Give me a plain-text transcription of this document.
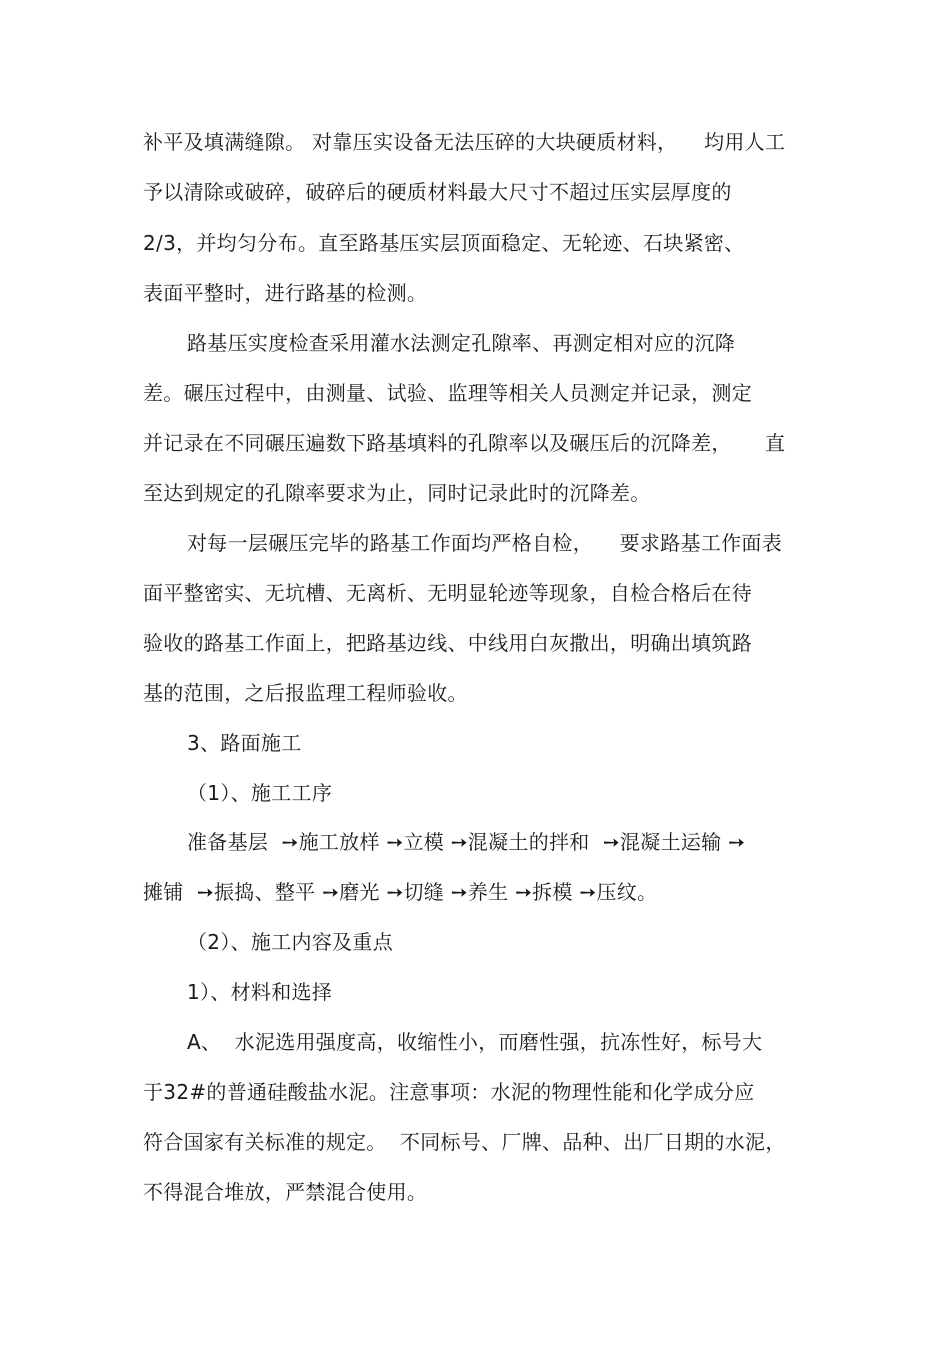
补平及填满缝隙。 对靠压实设备无法压碎的大块硬质材料，    均用人工
予以清除或破碎，破碎后的硬质材料最大尺寸不超过压实层厚度的
2/3，并均匀分布。直至路基压实层顶面稳定、无轮迹、石块紧密、
表面平整时，进行路基的检测。
路基压实度检查采用灌水法测定孔隙率、再测定相对应的沉降
差。碾压过程中，由测量、试验、监理等相关人员测定并记录，测定
并记录在不同碾压遍数下路基填料的孔隙率以及碾压后的沉降差，     直
至达到规定的孔隙率要求为止，同时记录此时的沉降差。
对每一层碾压完毕的路基工作面均严格自检，    要求路基工作面表
面平整密实、无坑槽、无离析、无明显轮迹等现象，自检合格后在待
验收的路基工作面上，把路基边线、中线用白灰撒出，明确出填筑路
基的范围，之后报监理工程师验收。
3、路面施工
（1）、施工工序
准备基层  ➙施工放样 ➙立模 ➙混凝土的拌和  ➙混凝土运输 ➙
摊铺  ➙振捣、整平 ➙磨光 ➙切缝 ➙养生 ➙拆模 ➙压纹。
（2）、施工内容及重点
1）、材料和选择
A、  水泥选用强度高，收缩性小，而磨性强，抗冻性好，标号大
于32#的普通硅酸盐水泥。注意事项：水泥的物理性能和化学成分应
符合国家有关标准的规定。  不同标号、厂牌、品种、出厂日期的水泥，
不得混合堆放，严禁混合使用。
